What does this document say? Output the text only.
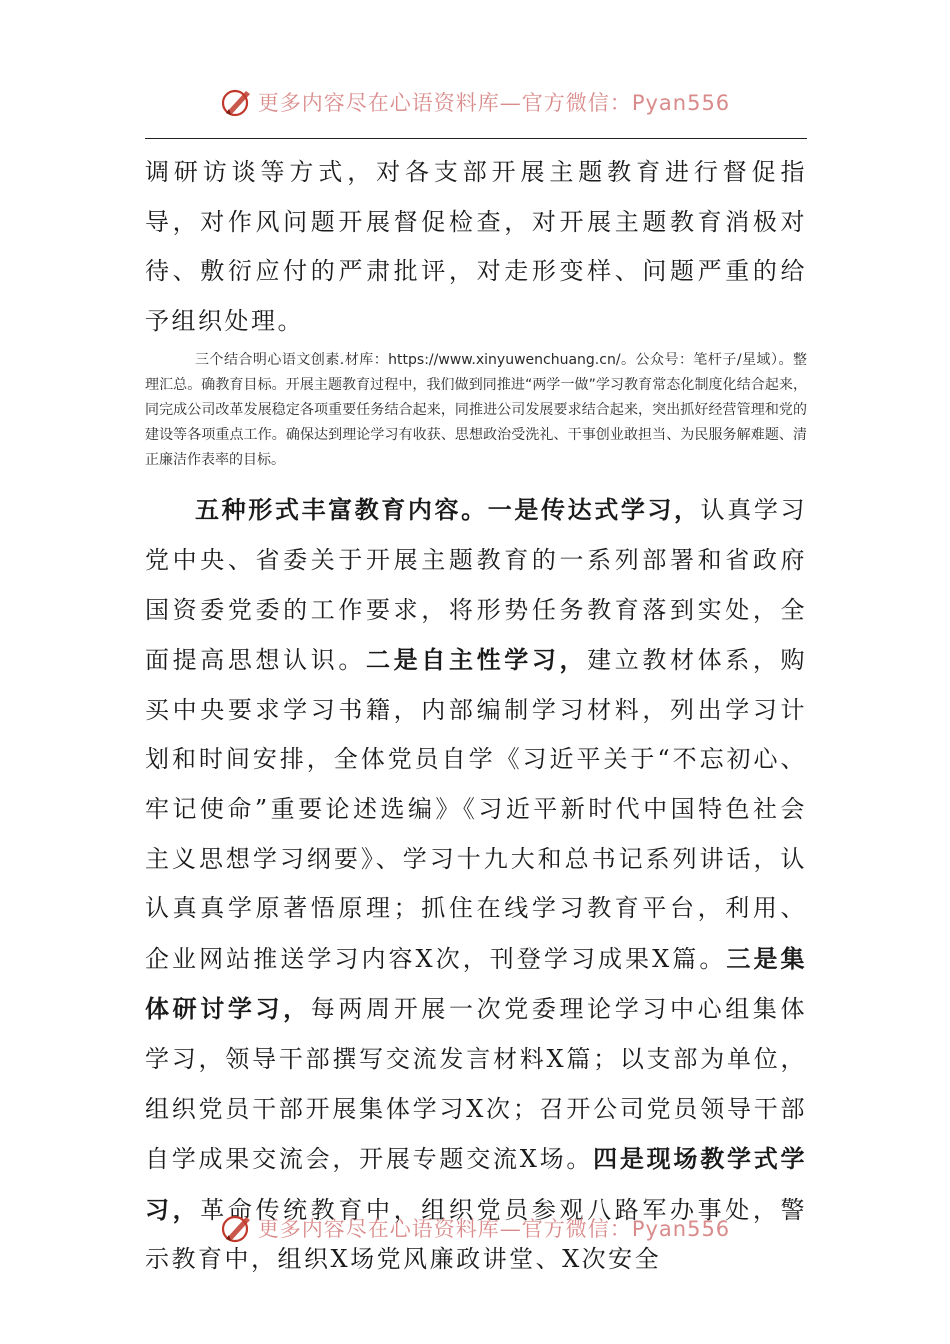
更多内容尽在心语资料库—官方微信：Pyan556

调研访谈等方式，对各支部开展主题教育进行督促指导，对作风问题开展督促检查，对开展主题教育消极对待、敷衍应付的严肃批评，对走形变样、问题严重的给予组织处理。

三个结合明心语文创素.材库：https://www.xinyuwenchuang.cn/。公众号：笔杆子/星域）。整理汇总。确教育目标。开展主题教育过程中，我们做到同推进“两学一做”学习教育常态化制度化结合起来，同完成公司改革发展稳定各项重要任务结合起来，同推进公司发展要求结合起来，突出抓好经营管理和党的建设等各项重点工作。确保达到理论学习有收获、思想政治受洗礼、干事创业敢担当、为民服务解难题、清正廉洁作表率的目标。

五种形式丰富教育内容。一是传达式学习，认真学习党中央、省委关于开展主题教育的一系列部署和省政府国资委党委的工作要求，将形势任务教育落到实处，全面提高思想认识。二是自主性学习，建立教材体系，购买中央要求学习书籍，内部编制学习材料，列出学习计划和时间安排，全体党员自学《习近平关于“不忘初心、牢记使命”重要论述选编》《习近平新时代中国特色社会主义思想学习纲要》、学习十九大和总书记系列讲话，认认真真学原著悟原理；抓住在线学习教育平台，利用、企业网站推送学习内容X次，刊登学习成果X篇。三是集体研讨学习，每两周开展一次党委理论学习中心组集体学习，领导干部撰写交流发言材料X篇；以支部为单位，组织党员干部开展集体学习X次；召开公司党员领导干部自学成果交流会，开展专题交流X场。四是现场教学式学习，革命传统教育中，组织党员参观八路军办事处，警示教育中，组织X场党风廉政讲堂、X次安全

更多内容尽在心语资料库—官方微信：Pyan556
